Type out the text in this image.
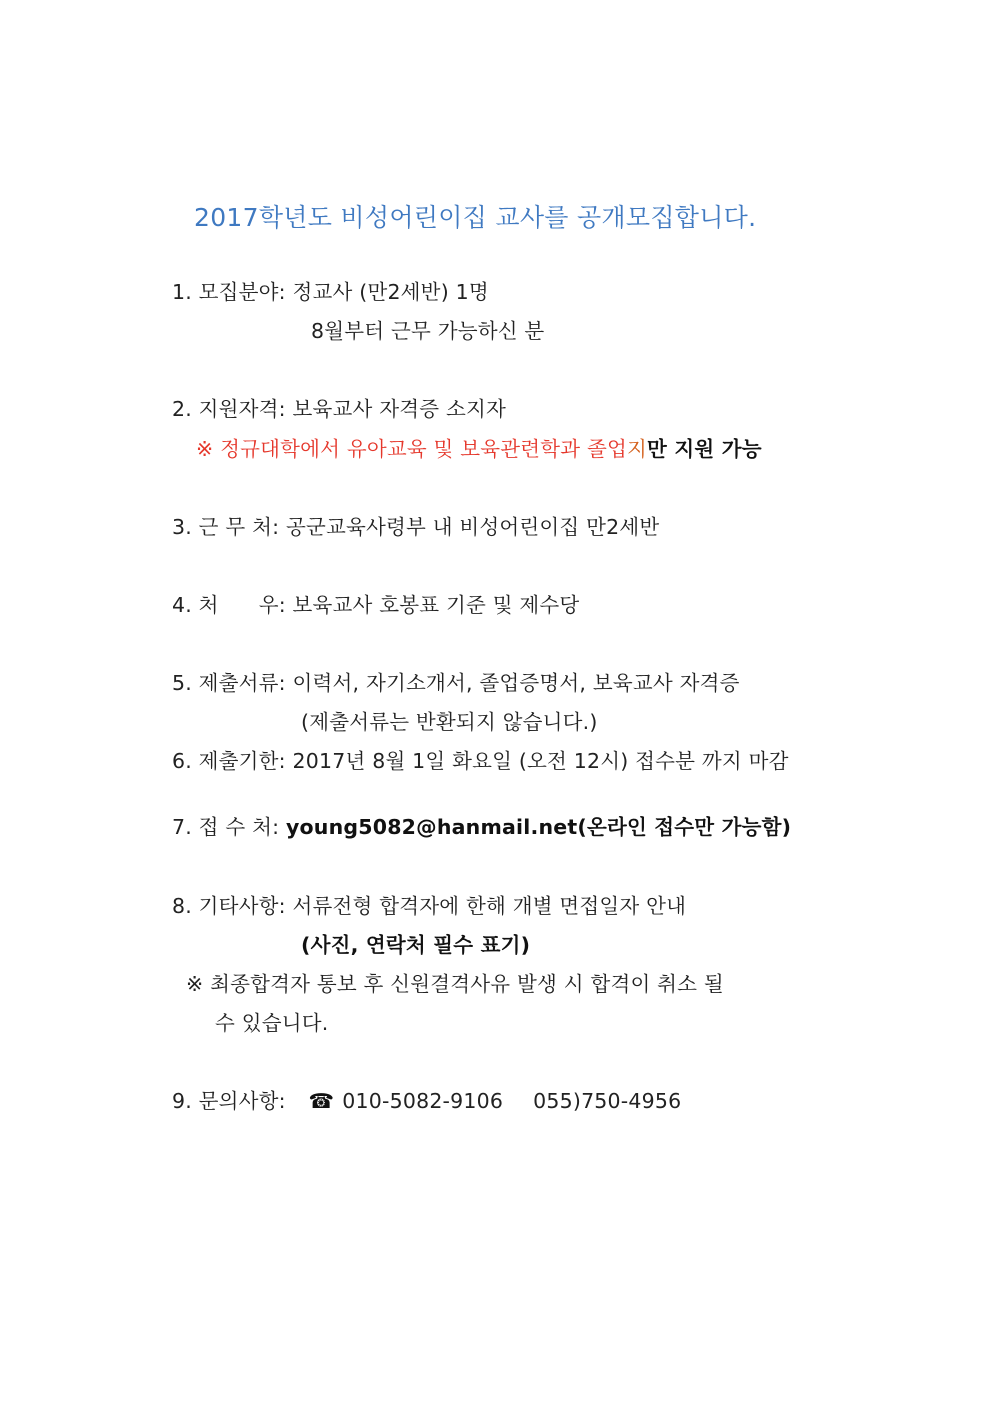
2017학년도 비성어린이집 교사를 공개모집합니다.
1. 모집분야: 정교사 (만2세반) 1명
8월부터 근무 가능하신 분
2. 지원자격: 보육교사 자격증 소지자
※ 정규대학에서 유아교육 및 보육관련학과 졸업지만 지원 가능
3. 근 무 처: 공군교육사령부 내 비성어린이집 만2세반
4. 처 우: 보육교사 호봉표 기준 및 제수당
5. 제출서류: 이력서, 자기소개서, 졸업증명서, 보육교사 자격증
(제출서류는 반환되지 않습니다.)
6. 제출기한: 2017년 8월 1일 화요일 (오전 12시) 접수분 까지 마감
7. 접 수 처: young5082@hanmail.net(온라인 접수만 가능함)
8. 기타사항: 서류전형 합격자에 한해 개별 면접일자 안내
(사진, 연락처 필수 표기)
※ 최종합격자 통보 후 신원결격사유 발생 시 합격이 취소 될
수 있습니다.
9. 문의사항: ☎ 010-5082-9106 055)750-4956
